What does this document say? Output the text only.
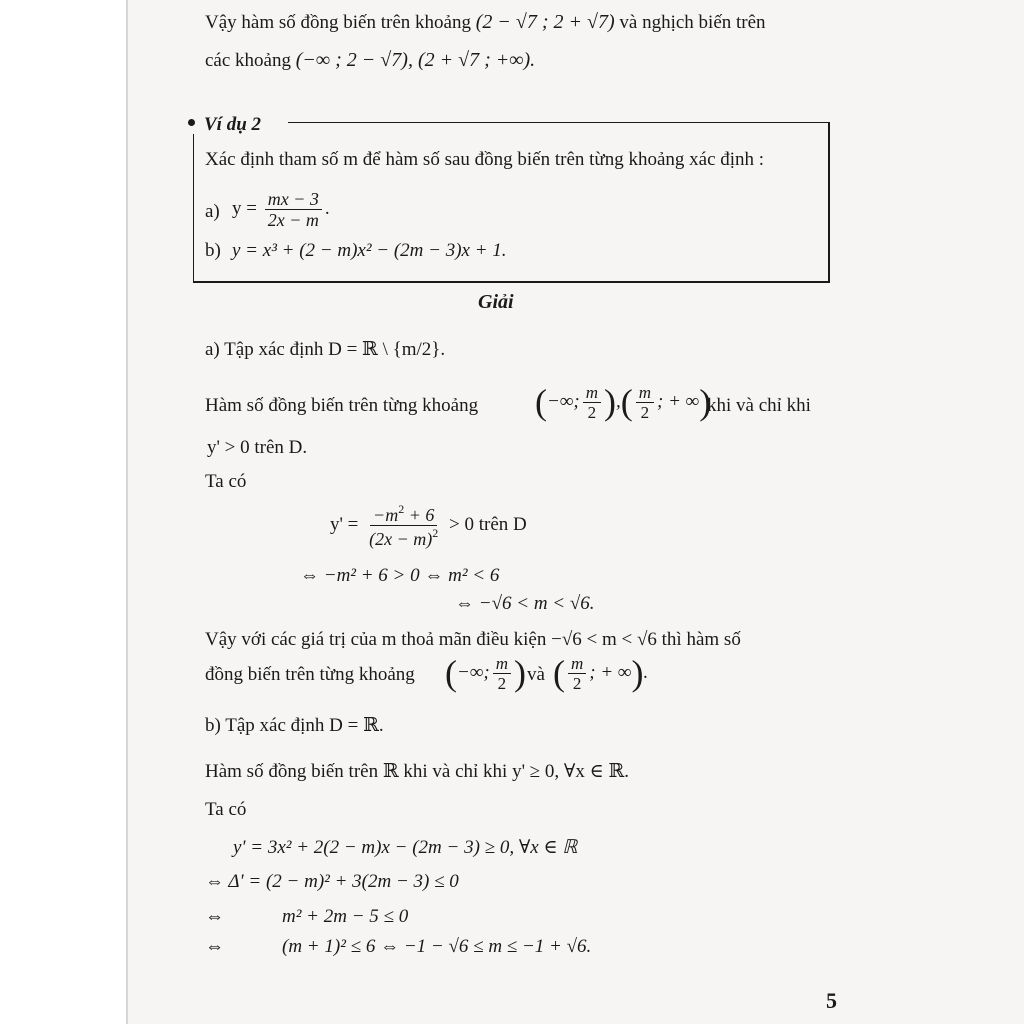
Vậy hàm số đồng biến trên khoảng (2 − √7 ; 2 + √7) và nghịch biến trên
các khoảng (−∞ ; 2 − √7), (2 + √7 ; +∞).
Ví dụ 2
Xác định tham số m để hàm số sau đồng biến trên từng khoảng xác định :
a) $y = \frac{mx - 3}{2x - m}$ .
b) y = x³ + (2 − m)x² − (2m − 3)x + 1.
Giải
a) Tập xác định D = ℝ \ {m/2}.
Hàm số đồng biến trên từng khoảng (−∞; $\frac{m}{2}$ ),( $\frac{m}{2}$ ; + ∞)
khi và chỉ khi
y' > 0 trên D.
Ta có
$y' = \frac{-m^2 + 6}{(2x - m)^2} > 0$ trên D
⇔ −m² + 6 > 0 ⇔ m² < 6
⇔ −√6 < m < √6.
Vậy với các giá trị của m thoả mãn điều kiện −√6 < m < √6 thì hàm số
đồng biến trên từng khoảng (−∞; $\frac{m}{2}$ ) và ( $\frac{m}{2}$ ; + ∞).
b) Tập xác định D = ℝ.
Hàm số đồng biến trên ℝ khi và chỉ khi y' ≥ 0, ∀x ∈ ℝ.
Ta có
y' = 3x² + 2(2 − m)x − (2m − 3) ≥ 0, ∀x ∈ ℝ
⇔ Δ' = (2 − m)² + 3(2m − 3) ≤ 0
⇔	m² + 2m − 5 ≤ 0
⇔	(m + 1)² ≤ 6 ⇔ −1 − √6 ≤ m ≤ −1 + √6.
5
